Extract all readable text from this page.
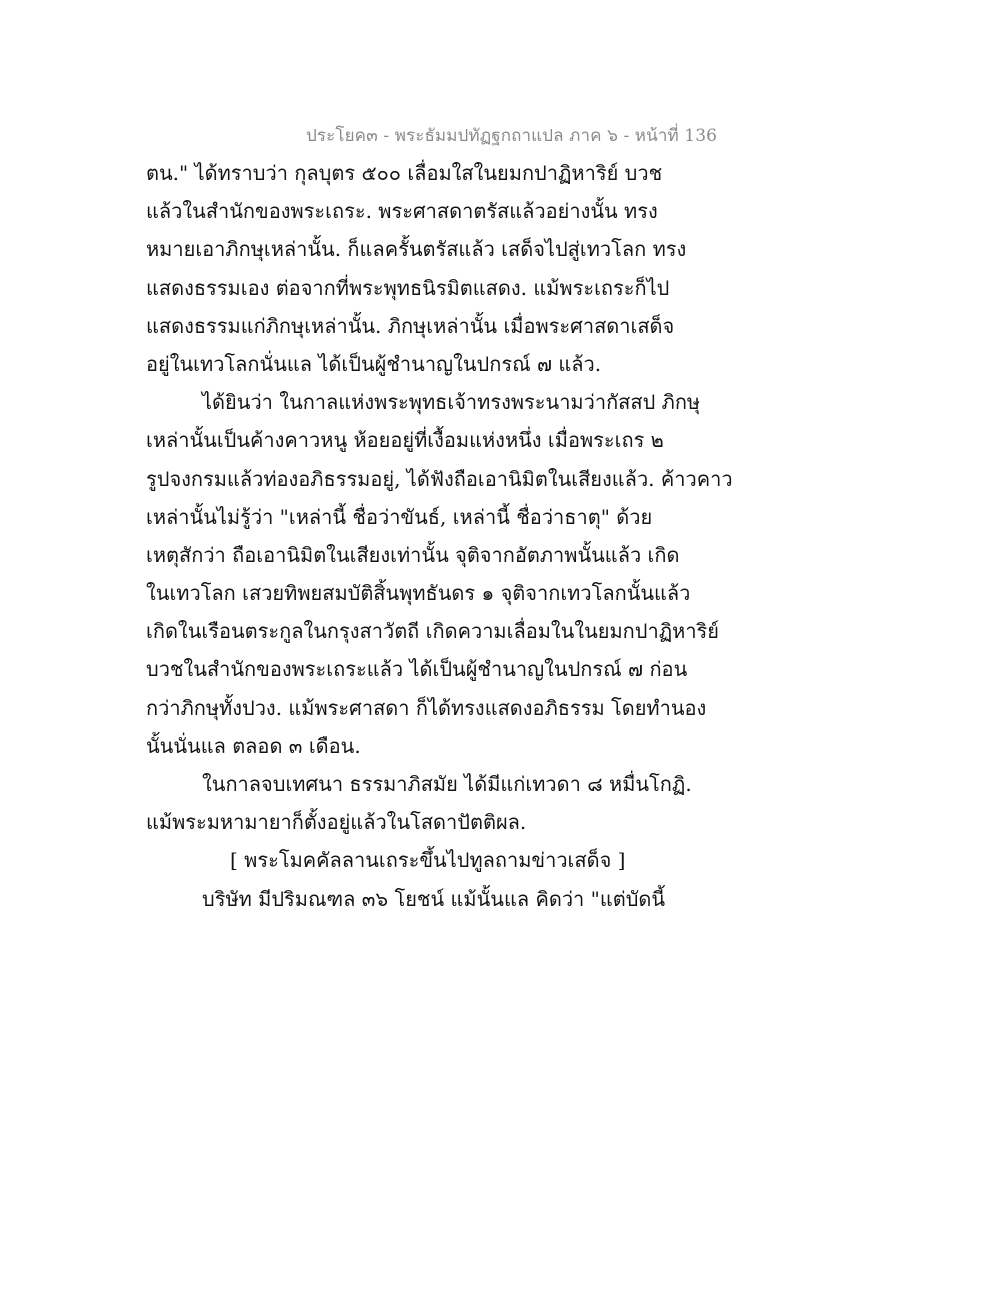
ประโยค๓ - พระธัมมปทัฏฐกถาแปล ภาค ๖ - หน้าที่ 136
ตน." ได้ทราบว่า กุลบุตร ๕๐๐ เลื่อมใสในยมกปาฏิหาริย์ บวช
แล้วในสำนักของพระเถระ. พระศาสดาตรัสแล้วอย่างนั้น ทรง
หมายเอาภิกษุเหล่านั้น. ก็แลครั้นตรัสแล้ว เสด็จไปสู่เทวโลก ทรง
แสดงธรรมเอง ต่อจากที่พระพุทธนิรมิตแสดง. แม้พระเถระก็ไป
แสดงธรรมแก่ภิกษุเหล่านั้น. ภิกษุเหล่านั้น เมื่อพระศาสดาเสด็จ
อยู่ในเทวโลกนั่นแล ได้เป็นผู้ชำนาญในปกรณ์ ๗ แล้ว.
ได้ยินว่า ในกาลแห่งพระพุทธเจ้าทรงพระนามว่ากัสสป ภิกษุ
เหล่านั้นเป็นค้างคาวหนู ห้อยอยู่ที่เงื้อมแห่งหนึ่ง เมื่อพระเถร ๒
รูปจงกรมแล้วท่องอภิธรรมอยู่, ได้ฟังถือเอานิมิตในเสียงแล้ว. ค้าวคาว
เหล่านั้นไม่รู้ว่า "เหล่านี้ ชื่อว่าขันธ์, เหล่านี้ ชื่อว่าธาตุ" ด้วย
เหตุสักว่า ถือเอานิมิตในเสียงเท่านั้น จุติจากอัตภาพนั้นแล้ว เกิด
ในเทวโลก เสวยทิพยสมบัติสิ้นพุทธันดร ๑ จุติจากเทวโลกนั้นแล้ว
เกิดในเรือนตระกูลในกรุงสาวัตถี เกิดความเลื่อมในในยมกปาฏิหาริย์
บวชในสำนักของพระเถระแล้ว ได้เป็นผู้ชำนาญในปกรณ์ ๗ ก่อน
กว่าภิกษุทั้งปวง. แม้พระศาสดา ก็ได้ทรงแสดงอภิธรรม โดยทำนอง
นั้นนั่นแล ตลอด ๓ เดือน.
ในกาลจบเทศนา ธรรมาภิสมัย ได้มีแก่เทวดา ๘ หมื่นโกฏิ.
แม้พระมหามายาก็ตั้งอยู่แล้วในโสดาปัตติผล.
[ พระโมคคัลลานเถระขึ้นไปทูลถามข่าวเสด็จ ]
บริษัท มีปริมณฑล ๓๖ โยชน์ แม้นั้นแล คิดว่า "แต่บัดนี้
